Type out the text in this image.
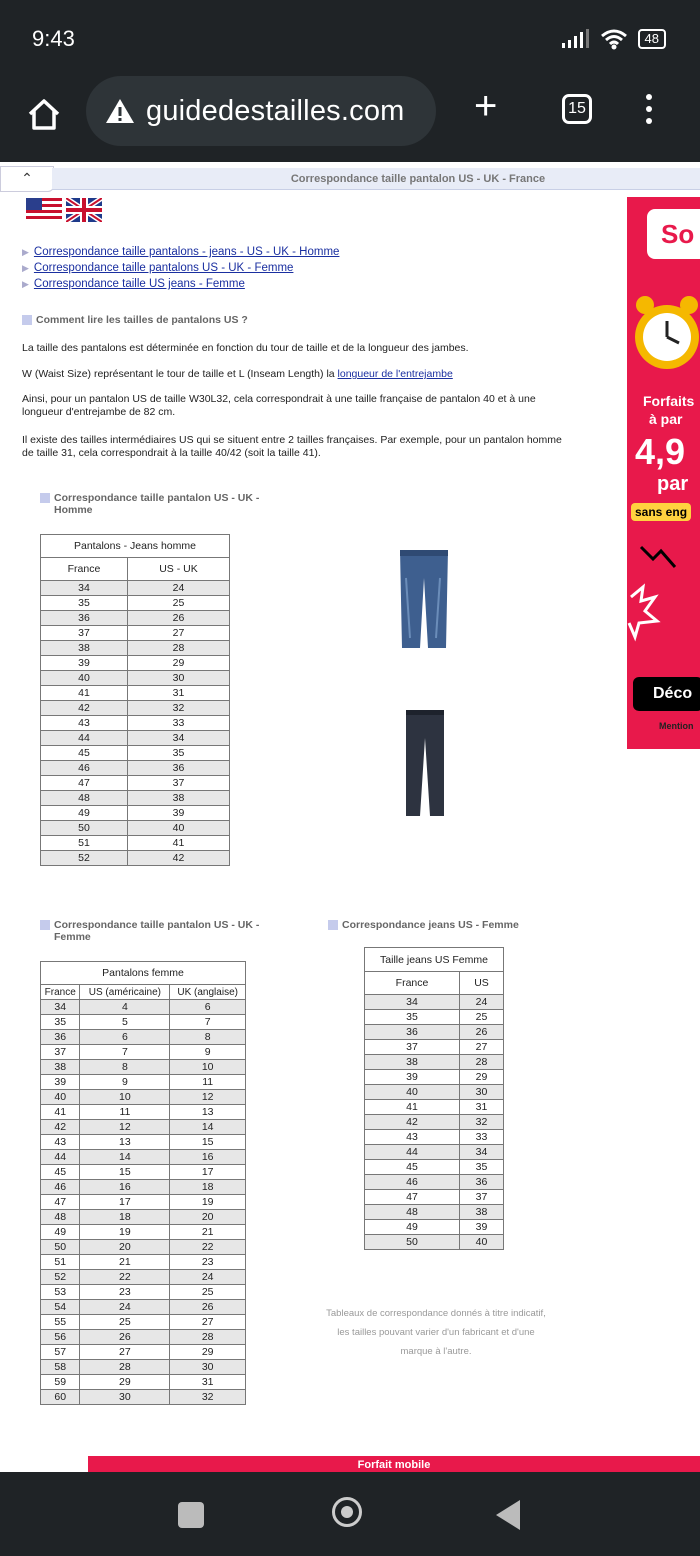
9:43	48
guidedestailles.com +	15
⌃	Correspondance taille pantalon US - UK - France
▶ Correspondance taille pantalons - jeans - US - UK - Homme
▶ Correspondance taille pantalons US - UK - Femme
▶ Correspondance taille US jeans - Femme
Comment lire les tailles de pantalons US ?
La taille des pantalons est déterminée en fonction du tour de taille et de la longueur des jambes.
W (Waist Size) représentant le tour de taille et L (Inseam Length) la longueur de l'entrejambe
Ainsi, pour un pantalon US de taille W30L32, cela correspondrait à une taille française de pantalon 40 et à une longueur d'entrejambe de 82 cm.
Il existe des tailles intermédiaires US qui se situent entre 2 tailles françaises. Par exemple, pour un pantalon homme de taille 31, cela correspondrait à la taille 40/42 (soit la taille 41).
Correspondance taille pantalon US - UK - Homme
Pantalons - Jeans homme	
France	US - UK
34	24
35	25
36	26
37	27
38	28
39	29
40	30
41	31
42	32
43	33
44	34
45	35
46	36
47	37
48	38
49	39
50	40
51	41
52	42
So
Forfaits
à par
4,9
par
sans eng
Déco
Mention
Correspondance taille pantalon US - UK - Femme
Pantalons femme		
France	US (américaine)	UK (anglaise)
34	4	6
35	5	7
36	6	8
37	7	9
38	8	10
39	9	11
40	10	12
41	11	13
42	12	14
43	13	15
44	14	16
45	15	17
46	16	18
47	17	19
48	18	20
49	19	21
50	20	22
51	21	23
52	22	24
53	23	25
54	24	26
55	25	27
56	26	28
57	27	29
58	28	30
59	29	31
60	30	32
Correspondance jeans US - Femme
Taille jeans US Femme	
France	US
34	24
35	25
36	26
37	27
38	28
39	29
40	30
41	31
42	32
43	33
44	34
45	35
46	36
47	37
48	38
49	39
50	40
Tableaux de correspondance donnés à titre indicatif, les tailles pouvant varier d'un fabricant et d'une marque à l'autre.
Forfait mobile
